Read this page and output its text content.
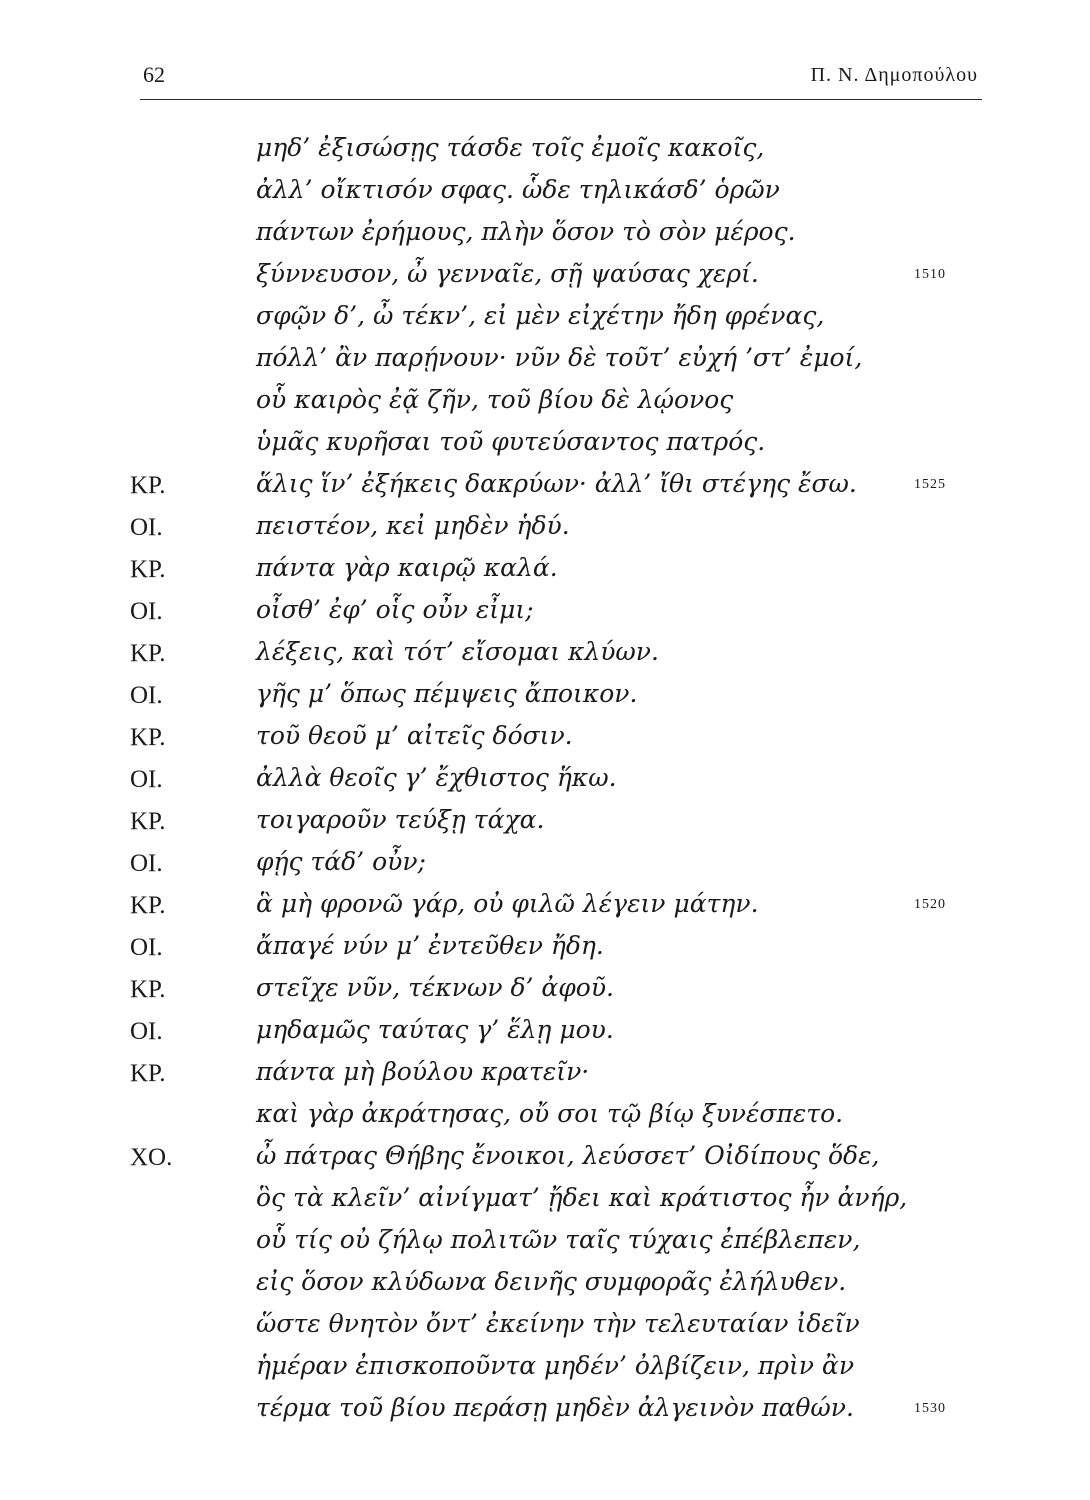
62	Π. Ν. Δημοπούλου
μηδ’ ἐξισώσῃς τάσδε τοῖς ἐμοῖς κακοῖς,
ἀλλ’ οἴκτισόν σφας. ὧδε τηλικάσδ’ ὁρῶν
πάντων ἐρήμους, πλὴν ὅσον τὸ σὸν μέρος.
ξύννευσον, ὦ γενναῖε, σῇ ψαύσας χερί.	1510
σφῷν δ’, ὦ τέκν’, εἰ μὲν εἰχέτην ἤδη φρένας,
πόλλ’ ἂν παρῄνουν· νῦν δὲ τοῦτ’ εὐχή ’στ’ ἐμοί,
οὗ καιρὸς ἐᾷ ζῆν, τοῦ βίου δὲ λῴονος
ὑμᾶς κυρῆσαι τοῦ φυτεύσαντος πατρός.
ΚΡ.	ἅλις ἵν’ ἐξήκεις δακρύων· ἀλλ’ ἴθι στέγης ἔσω.	1525
ΟΙ.	πειστέον, κεἰ μηδὲν ἡδύ.
ΚΡ.	πάντα γὰρ καιρῷ καλά.
ΟΙ.	οἶσθ’ ἐφ’ οἷς οὖν εἶμι;
ΚΡ.	λέξεις, καὶ τότ’ εἴσομαι κλύων.
ΟΙ.	γῆς μ’ ὅπως πέμψεις ἄποικον.
ΚΡ.	τοῦ θεοῦ μ’ αἰτεῖς δόσιν.
ΟΙ.	ἀλλὰ θεοῖς γ’ ἔχθιστος ἥκω.
ΚΡ.	τοιγαροῦν τεύξῃ τάχα.
ΟΙ.	φῄς τάδ’ οὖν;
ΚΡ.	ἃ μὴ φρονῶ γάρ, οὐ φιλῶ λέγειν μάτην.	1520
ΟΙ.	ἄπαγέ νύν μ’ ἐντεῦθεν ἤδη.
ΚΡ.	στεῖχε νῦν, τέκνων δ’ ἀφοῦ.
ΟΙ.	μηδαμῶς ταύτας γ’ ἕλῃ μου.
ΚΡ.	πάντα μὴ βούλου κρατεῖν·
καὶ γὰρ ἀκράτησας, οὔ σοι τῷ βίῳ ξυνέσπετο.
ΧΟ.	ὦ πάτρας Θήβης ἔνοικοι, λεύσσετ’ Οἰδίπους ὅδε,
ὃς τὰ κλεῖν’ αἰνίγματ’ ᾔδει καὶ κράτιστος ἦν ἀνήρ,
οὗ τίς οὐ ζήλῳ πολιτῶν ταῖς τύχαις ἐπέβλεπεν,
εἰς ὅσον κλύδωνα δεινῆς συμφορᾶς ἐλήλυθεν.
ὥστε θνητὸν ὄντ’ ἐκείνην τὴν τελευταίαν ἰδεῖν
ἡμέραν ἐπισκοποῦντα μηδέν’ ὀλβίζειν, πρὶν ἂν
τέρμα τοῦ βίου περάσῃ μηδὲν ἀλγεινὸν παθών.	1530
